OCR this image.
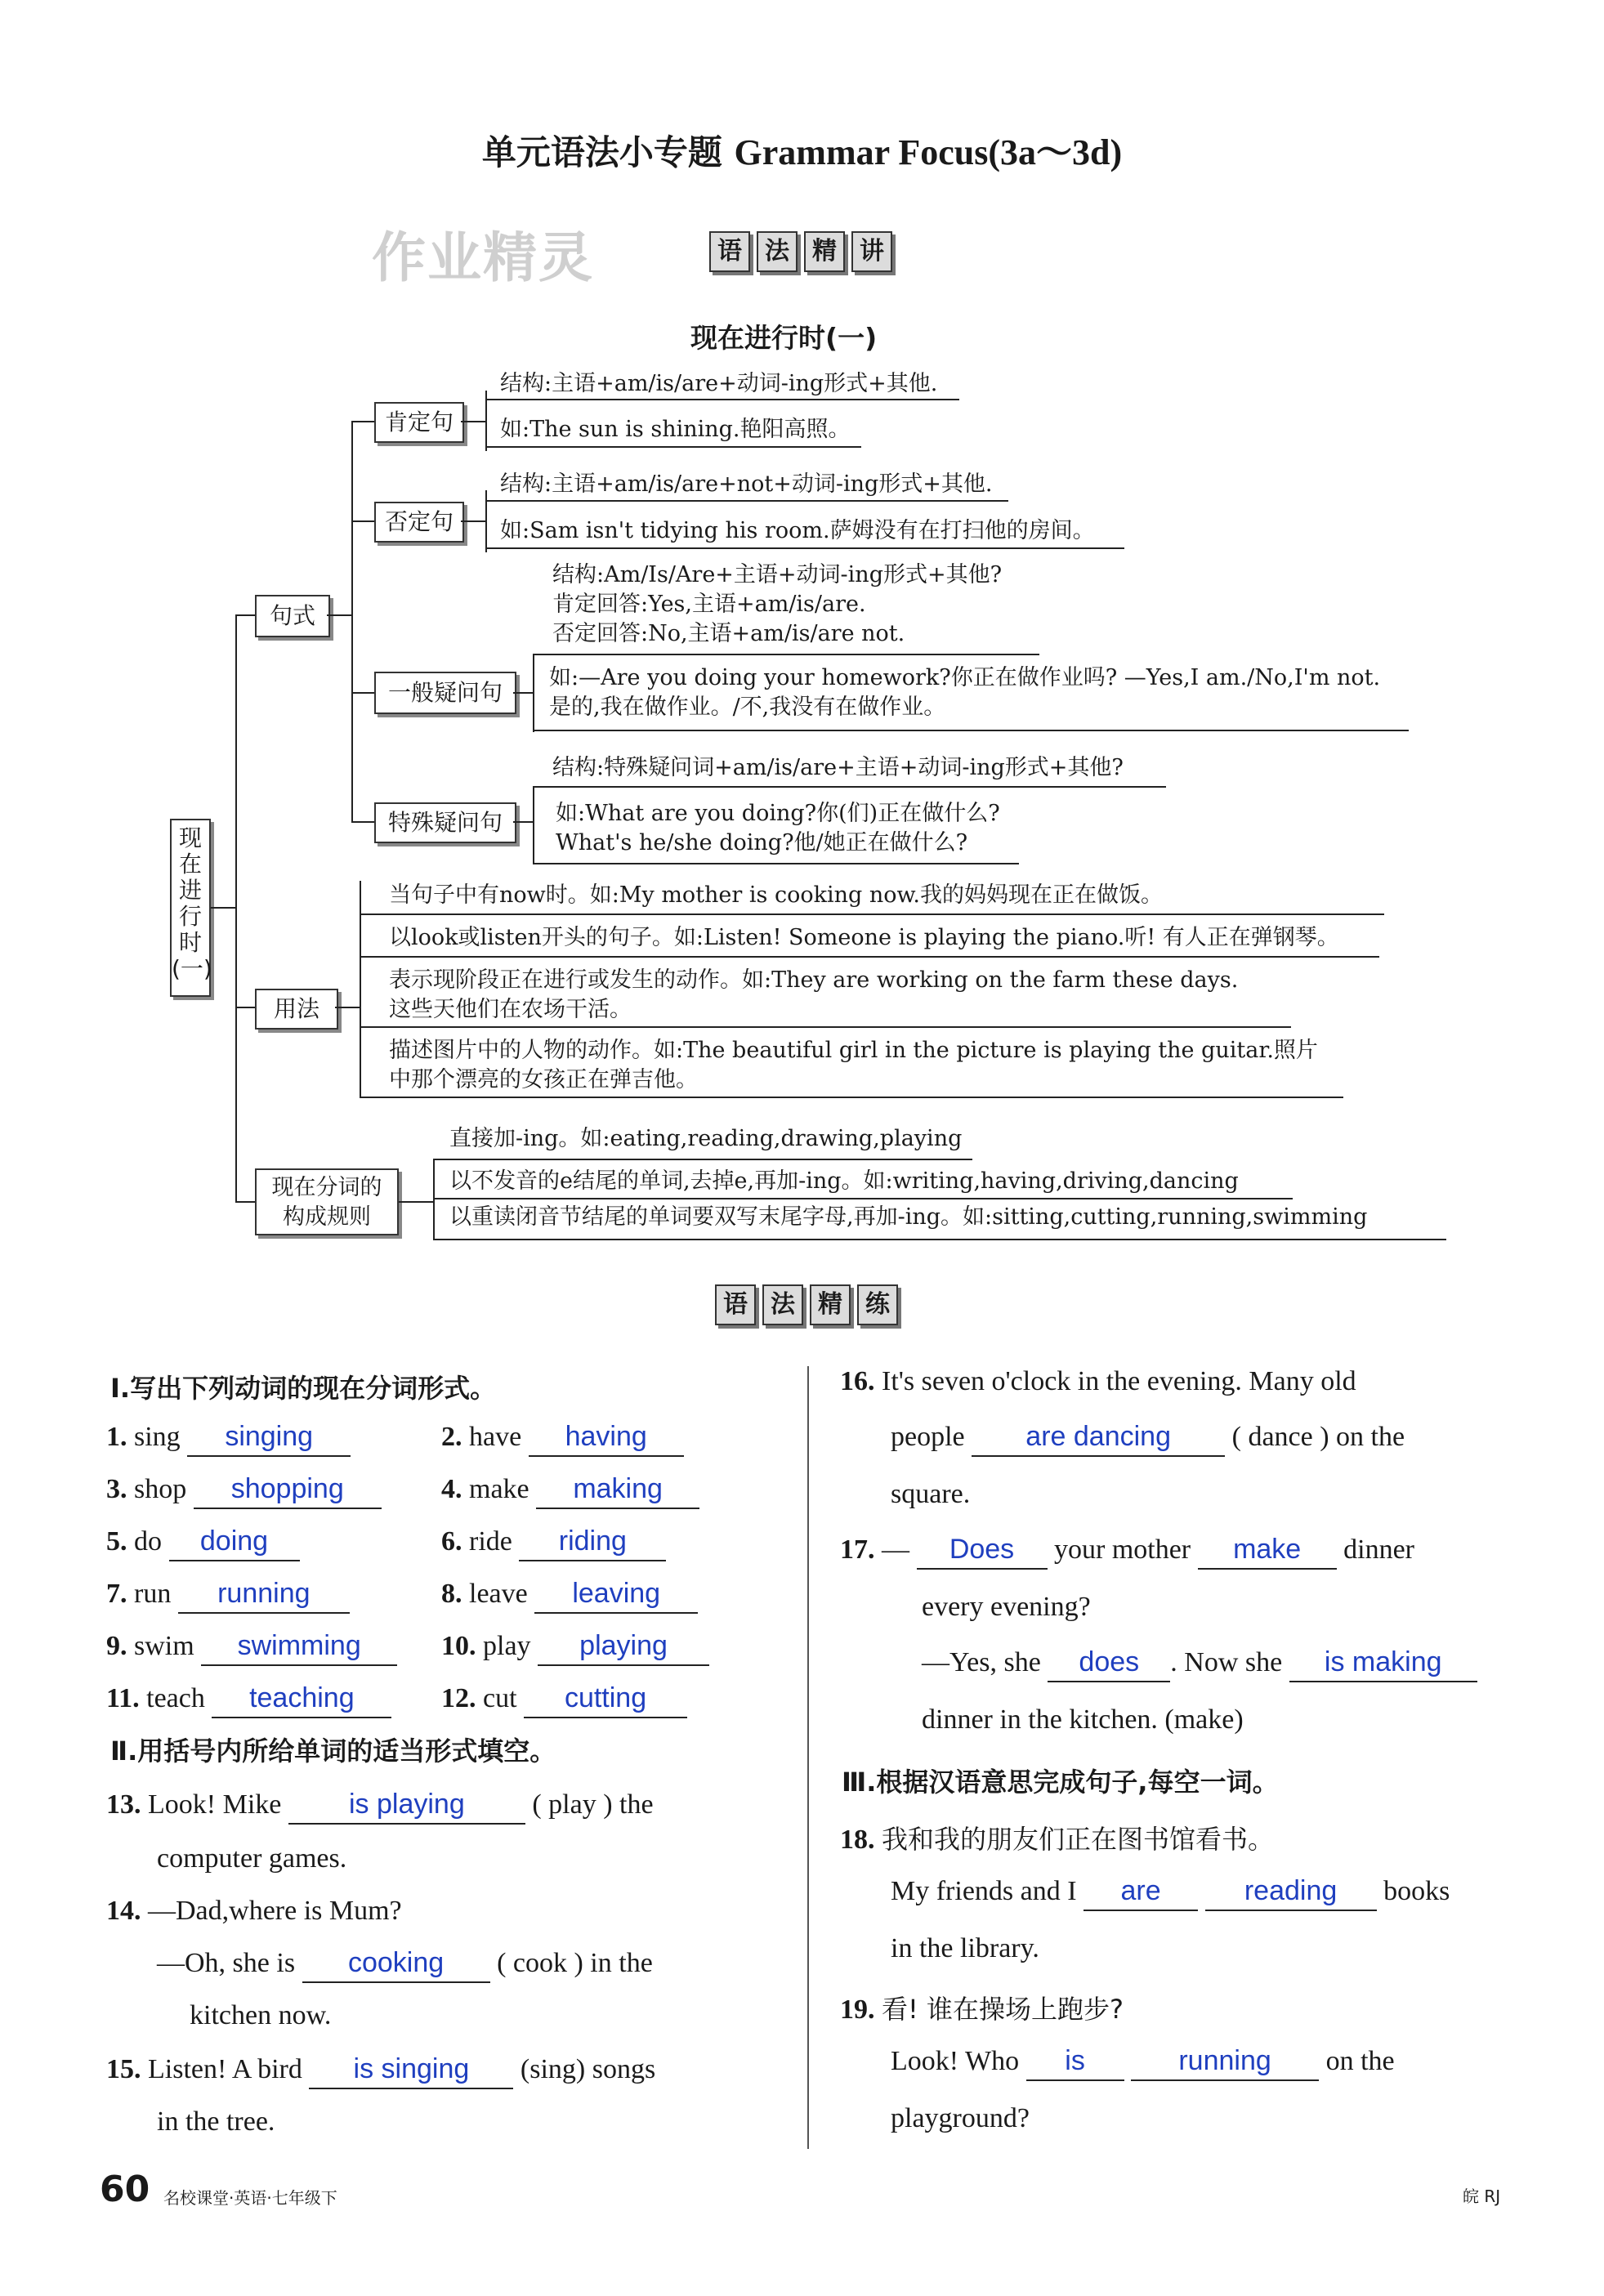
单元语法小专题 Grammar Focus(3a～3d)
作业精灵	语 法 精 讲
现在进行时(一)
现
在
进
行
时
(一)
句式
肯定句
结构:主语+am/is/are+动词-ing形式+其他.
如:The sun is shining.艳阳高照。
否定句
结构:主语+am/is/are+not+动词-ing形式+其他.
如:Sam isn't tidying his room.萨姆没有在打扫他的房间。
一般疑问句
结构:Am/Is/Are+主语+动词-ing形式+其他?
肯定回答:Yes,主语+am/is/are.
否定回答:No,主语+am/is/are not.
如:—Are you doing your homework?你正在做作业吗? —Yes,I am./No,I'm not.
是的,我在做作业。/不,我没有在做作业。
特殊疑问句
结构:特殊疑问词+am/is/are+主语+动词-ing形式+其他?
如:What are you doing?你(们)正在做什么?
What's he/she doing?他/她正在做什么?
用法
当句子中有now时。如:My mother is cooking now.我的妈妈现在正在做饭。
以look或listen开头的句子。如:Listen! Someone is playing the piano.听! 有人正在弹钢琴。
表示现阶段正在进行或发生的动作。如:They are working on the farm these days.
这些天他们在农场干活。
描述图片中的人物的动作。如:The beautiful girl in the picture is playing the guitar.照片
中那个漂亮的女孩正在弹吉他。
现在分词的
构成规则
直接加-ing。如:eating,reading,drawing,playing
以不发音的e结尾的单词,去掉e,再加-ing。如:writing,having,driving,dancing
以重读闭音节结尾的单词要双写末尾字母,再加-ing。如:sitting,cutting,running,swimming
语 法 精 练
Ⅰ.写出下列动词的现在分词形式。
1. sing singing	2. have having
3. shop shopping	4. make making
5. do doing	6. ride riding
7. run running	8. leave leaving
9. swim swimming	10. play playing
11. teach teaching	12. cut cutting
Ⅱ.用括号内所给单词的适当形式填空。
13. Look! Mike is playing ( play ) the
computer games.
14. —Dad,where is Mum?
—Oh, she is cooking ( cook ) in the
kitchen now.
15. Listen! A bird is singing (sing) songs
in the tree.
16. It's seven o'clock in the evening. Many old
people are dancing ( dance ) on the
square.
17. — Does your mother make dinner
every evening?
—Yes, she does . Now she is making
dinner in the kitchen. (make)
Ⅲ.根据汉语意思完成句子,每空一词。
18. 我和我的朋友们正在图书馆看书。
My friends and I are	reading books
in the library.
19. 看! 谁在操场上跑步?
Look! Who is	running on the
playground?
60 名校课堂·英语·七年级下	皖 RJ
